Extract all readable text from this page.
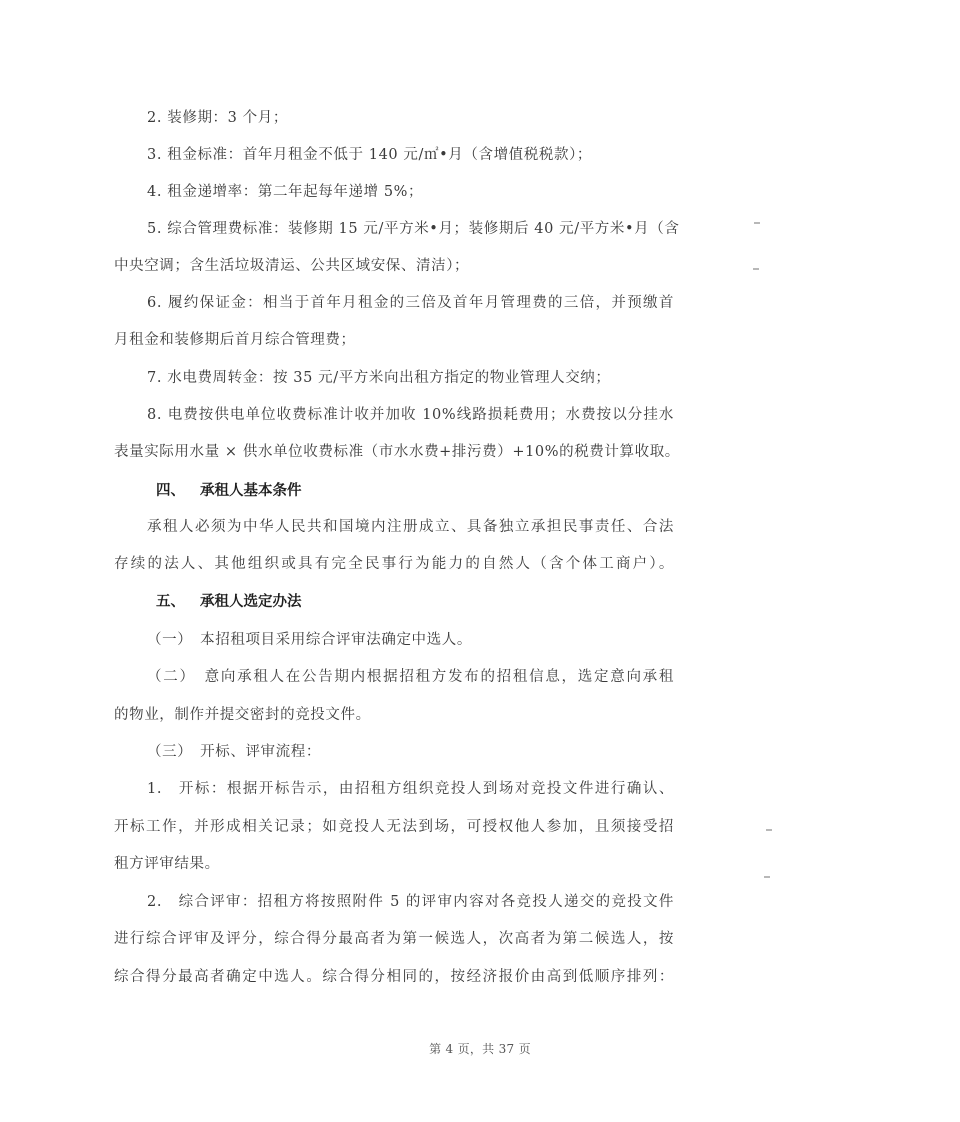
2. 装修期：3 个月；
3. 租金标准：首年月租金不低于 140 元/㎡•月（含增值税税款）；
4. 租金递增率：第二年起每年递增 5%；
5. 综合管理费标准：装修期 15 元/平方米•月；装修期后 40 元/平方米•月（含
中央空调；含生活垃圾清运、公共区域安保、清洁）；
6. 履约保证金：相当于首年月租金的三倍及首年月管理费的三倍，并预缴首
月租金和装修期后首月综合管理费；
7. 水电费周转金：按 35 元/平方米向出租方指定的物业管理人交纳；
8. 电费按供电单位收费标准计收并加收 10%线路损耗费用；水费按以分挂水
表量实际用水量 × 供水单位收费标准（市水水费+排污费）+10%的税费计算收取。
四、 承租人基本条件
承租人必须为中华人民共和国境内注册成立、具备独立承担民事责任、合法
存续的法人、其他组织或具有完全民事行为能力的自然人（含个体工商户）。
五、 承租人选定办法
（一）　本招租项目采用综合评审法确定中选人。
（二）　意向承租人在公告期内根据招租方发布的招租信息，选定意向承租
的物业，制作并提交密封的竞投文件。
（三）　开标、评审流程：
1.　开标：根据开标告示，由招租方组织竞投人到场对竞投文件进行确认、
开标工作，并形成相关记录；如竞投人无法到场，可授权他人参加，且须接受招
租方评审结果。
2.　综合评审：招租方将按照附件 5 的评审内容对各竞投人递交的竞投文件
进行综合评审及评分，综合得分最高者为第一候选人，次高者为第二候选人，按
综合得分最高者确定中选人。综合得分相同的，按经济报价由高到低顺序排列：
第 4 页，共 37 页
